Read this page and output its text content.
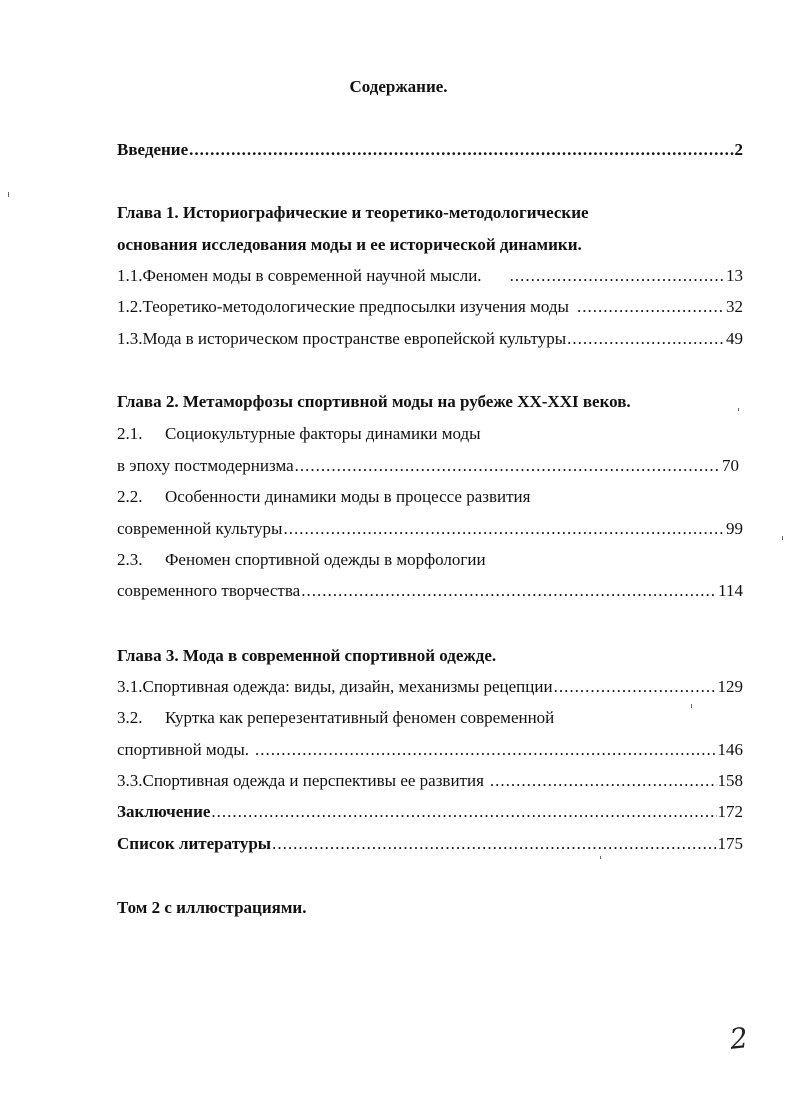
Содержание.
Введение .....	2
Глава 1. Историографические и теоретико-методологические
основания исследования моды и ее исторической динамики.
1.1. Феномен моды в современной научной мысли. .....	13
1.2. Теоретико-методологические предпосылки изучения моды .....	32
1.3. Мода в историческом пространстве европейской культуры .....	49
Глава 2. Метаморфозы спортивной моды на рубеже XX-XXI веков.
2.1. Социокультурные факторы динамики моды
в эпоху постмодернизма .....	70
2.2. Особенности динамики моды в процессе развития
современной культуры .....	99
2.3. Феномен спортивной одежды в морфологии
современного творчества .....	114
Глава 3. Мода в современной спортивной одежде.
3.1. Спортивная одежда: виды, дизайн, механизмы рецепции .....	129
3.2. Куртка как реперезентативный феномен современной
спортивной моды. .....	146
3.3. Спортивная одежда и перспективы ее развития .....	158
Заключение .....	172
Список литературы .....	175
Том 2 с иллюстрациями.
2
